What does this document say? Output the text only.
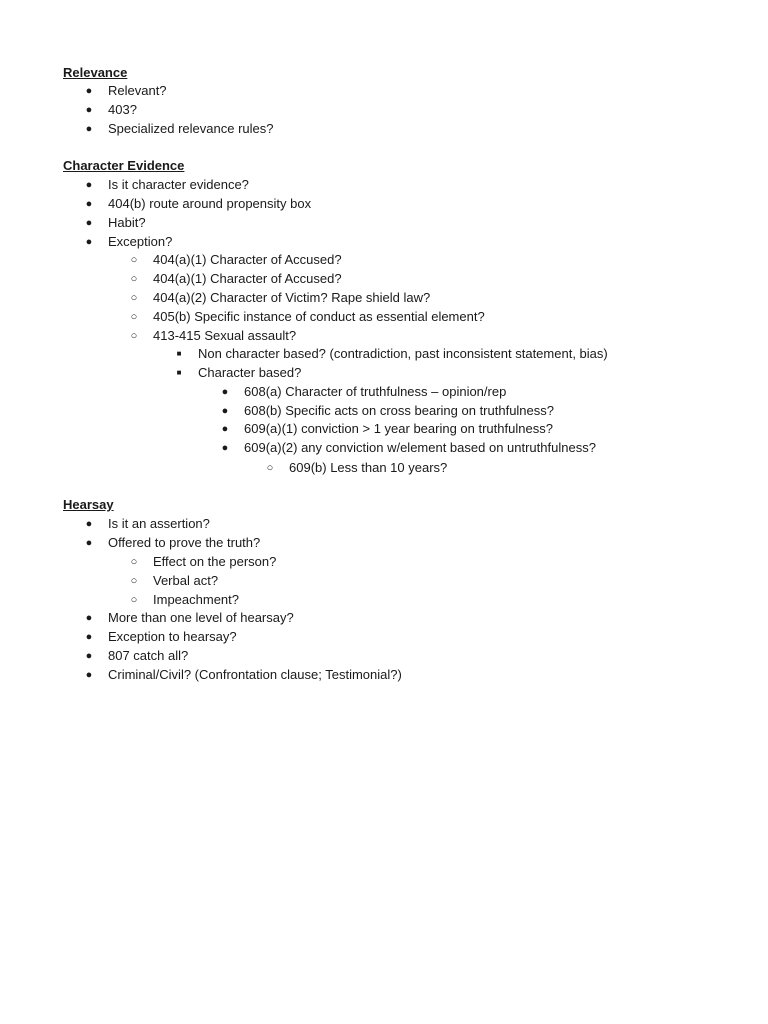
Relevance
● Relevant?
● 403?
● Specialized relevance rules?
Character Evidence
● Is it character evidence?
● 404(b) route around propensity box
● Habit?
● Exception?
○ 404(a)(1) Character of Accused?
○ 404(a)(1) Character of Accused?
○ 404(a)(2) Character of Victim? Rape shield law?
○ 405(b) Specific instance of conduct as essential element?
○ 413-415 Sexual assault?
■	Non character based? (contradiction, past inconsistent statement, bias)
■	Character based?
● 608(a) Character of truthfulness – opinion/rep
● 608(b) Specific acts on cross bearing on truthfulness?
● 609(a)(1) conviction > 1 year bearing on truthfulness?
● 609(a)(2) any conviction w/element based on untruthfulness?
○ 609(b) Less than 10 years?
Hearsay
● Is it an assertion?
● Offered to prove the truth?
○ Effect on the person?
○ Verbal act?
○ Impeachment?
● More than one level of hearsay?
● Exception to hearsay?
● 807 catch all?
● Criminal/Civil? (Confrontation clause; Testimonial?)
